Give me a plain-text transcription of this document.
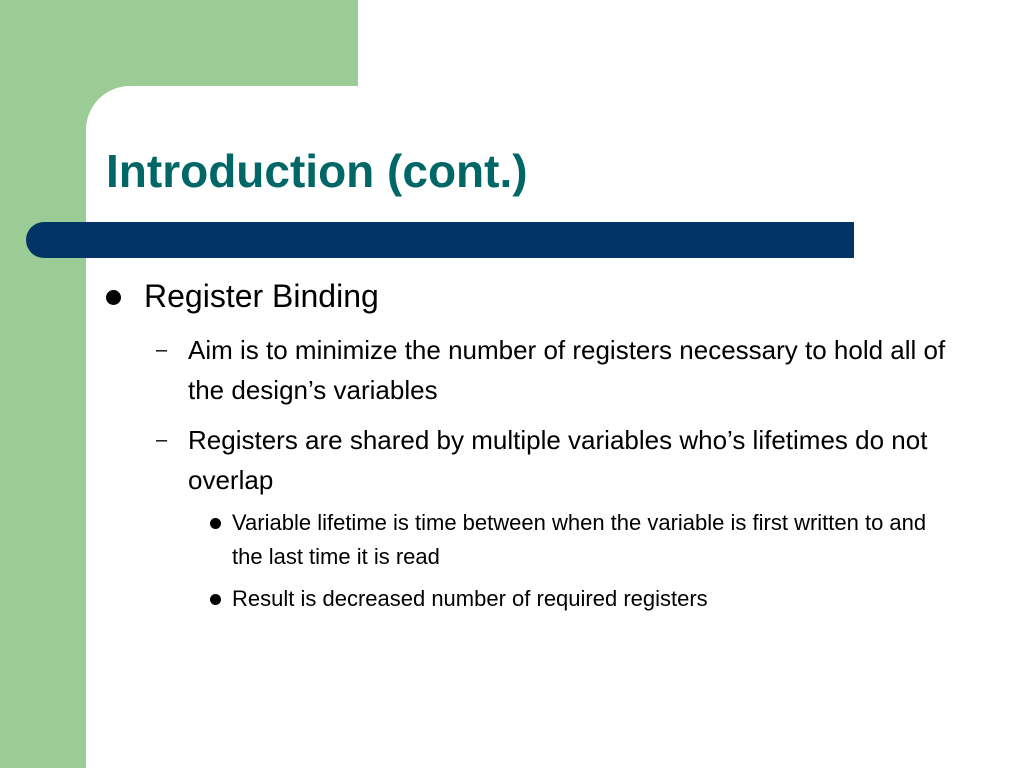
Introduction (cont.)
Register Binding
– Aim is to minimize the number of registers necessary to hold all of the design’s variables
– Registers are shared by multiple variables who’s lifetimes do not overlap
Variable lifetime is time between when the variable is first written to and the last time it is read
Result is decreased number of required registers
